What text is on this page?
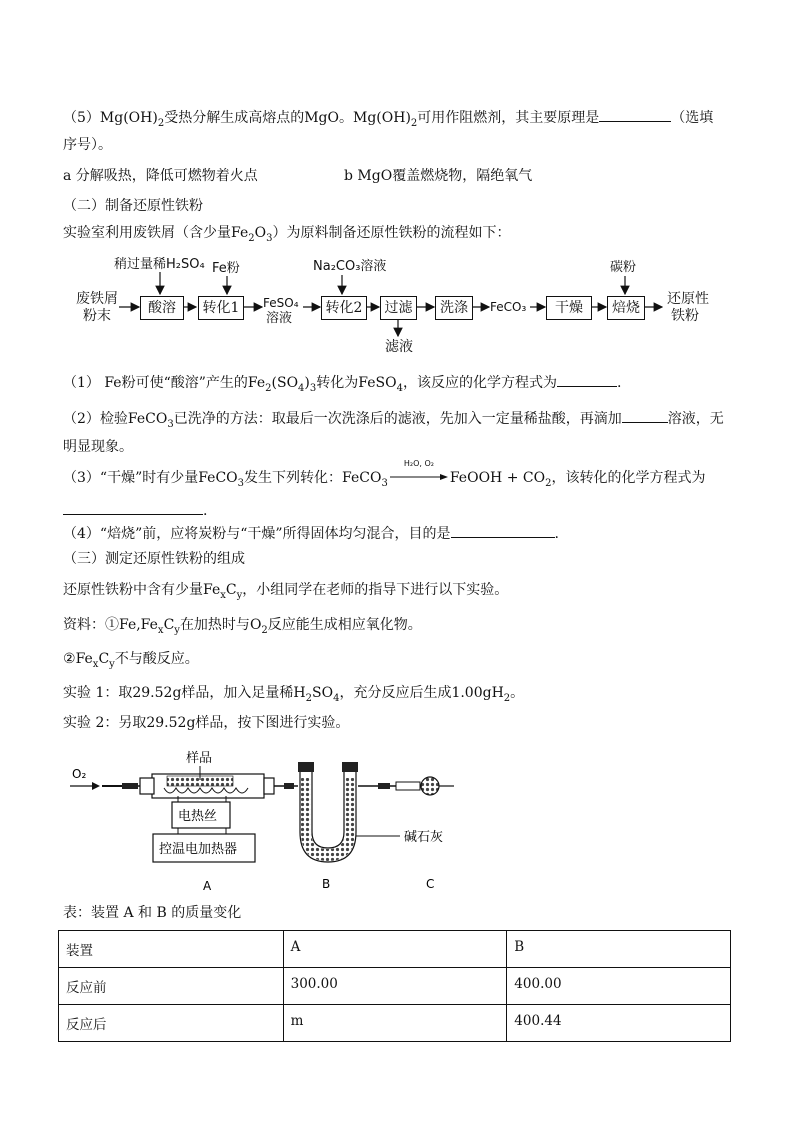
$(5)Mg(OH)_2$受热分解生成高熔点的MgO。$Mg(OH)_2$可用作阻燃剂，其主要原理是	（选填
序号）。
a 分解吸热，降低可燃物着火点	b MgO覆盖燃烧物，隔绝氧气
（二）制备还原性铁粉
实验室利用废铁屑（含少量$Fe_2O_3$）为原料制备还原性铁粉的流程如下：
稍过量稀H₂SO₄ Fe粉	Na₂CO₃溶液	碳粉
废铁屑
粉末	酸溶	转化1	FeSO₄
溶液
转化2	过滤
滤液
洗涤	FeCO₃	干燥	焙烧
还原性
铁粉
（1） Fe粉可使“酸溶”产生的$Fe_2(SO_4)_3$转化为FeSO$_4$，该反应的化学方程式为	.
（2）检验FeCO$_3$已洗净的方法：取最后一次洗涤后的滤液，先加入一定量稀盐酸，再滴加	溶液，无
明显现象。
（3）“干燥”时有少量FeCO$_3$发生下列转化：FeCO$_3$
H₂O, O₂
FeOOH + $CO_2$，该转化的化学方程式为
.
（4）“焙烧”前，应将炭粉与“干燥”所得固体均匀混合，目的是	.
（三）测定还原性铁粉的组成
还原性铁粉中含有少量$Fe_xC_y$，小组同学在老师的指导下进行以下实验。
资料：$①Fe,Fe_xC_y$在加热时与$O_2$反应能生成相应氧化物。
$②Fe_xC_y$不与酸反应。
实验 1：取29.52g样品，加入足量稀$H_2SO_4$，充分反应后生成$1.00gH_2$。
实验 2：另取29.52g样品，按下图进行实验。
O₂
样品
电热丝
控温电加热器
碱石灰
A	B	C
表：装置 A 和 B 的质量变化
装置	A	B
反应前	300.00	400.00
反应后	m	400.44
